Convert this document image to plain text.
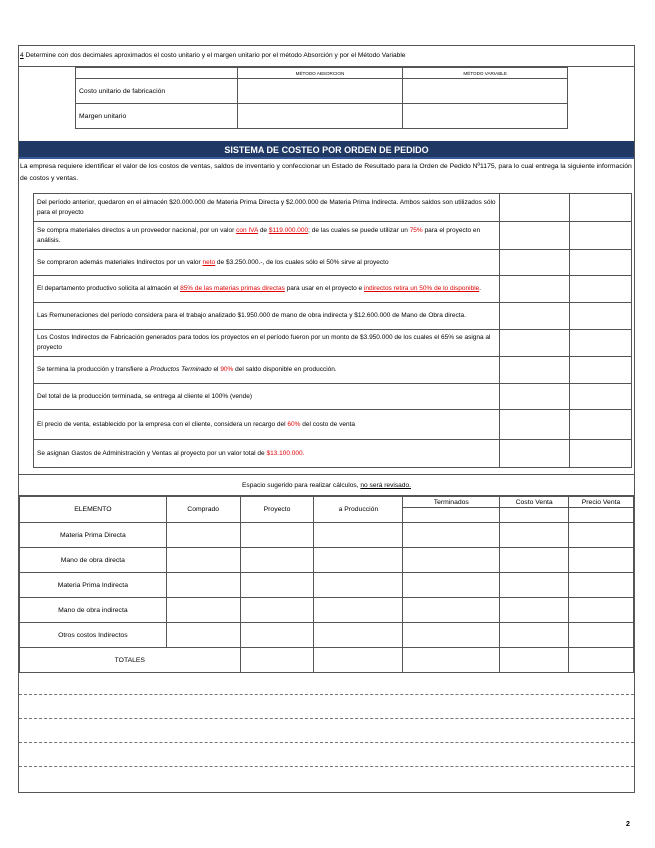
4 Determine con dos decimales aproximados el costo unitario y el margen unitario por el método Absorción y por el Método Variable
	MÉTODO ABSORCION	MÉTODO VARIABLE
Costo unitario de fabricación		
Margen unitario		
SISTEMA DE COSTEO POR ORDEN DE PEDIDO
La empresa requiere identificar el valor de los costos de ventas, saldos de inventario y confeccionar un Estado de Resultado para la Orden de Pedido Nº1175, para lo cual entrega la siguiente información de costos y ventas.
Del período anterior, quedaron en el almacén $20.000.000 de Materia Prima Directa y $2.000.000 de Materia Prima Indirecta. Ambos saldos son utilizados sólo para el proyecto		
Se compra materiales directos a un proveedor nacional, por un valor con IVA de $119.000.000; de las cuales se puede utilizar un 75% para el proyecto en análisis.		
Se compraron además materiales Indirectos por un valor neto de $3.250.000.-, de los cuales sólo el 50% sirve al proyecto		
El departamento productivo solicita al almacén el 85% de las materias primas directas para usar en el proyecto e indirectos retira un 50% de lo disponible.		
Las Remuneraciones del período considera para el trabajo analizado $1.950.000 de mano de obra indirecta y $12.600.000 de Mano de Obra directa.		
Los Costos Indirectos de Fabricación generados para todos los proyectos en el período fueron por un monto de $3.950.000 de los cuales el 65% se asigna al proyecto		
Se termina la producción y transfiere a Productos Terminado el 90% del saldo disponible en producción.		
Del total de la producción terminada, se entrega al cliente el 100% (vende)		
El precio de venta, establecido por la empresa con el cliente, considera un recargo del 60% del costo de venta		
Se asignan Gastos de Administración y Ventas al proyecto por un valor total de $13.100.000.		
Espacio sugerido para realizar cálculos, no será revisado.
ELEMENTO	Comprado	Proyecto	a Producción	Terminados	Costo Venta	Precio Venta

Materia Prima Directa						
Mano de obra directa						
Materia Prima Indirecta						
Mano de obra indirecta						
Otros costos Indirectos						
TOTALES						
2
